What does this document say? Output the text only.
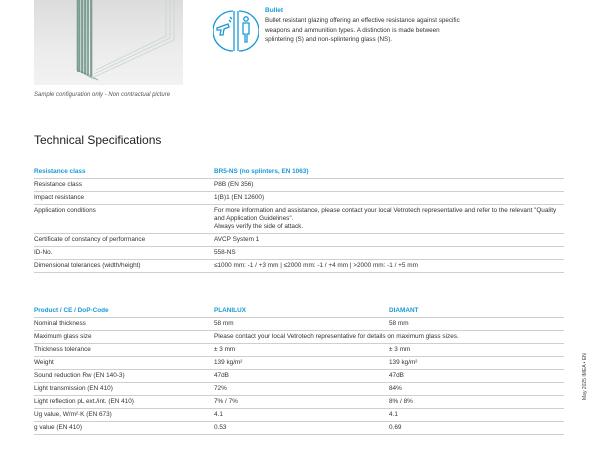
Sample configuration only - Non contractual picture
Bullet
Bullet resistant glazing offering an effective resistance against specific weapons and ammunition types. A distinction is made between splintering (S) and non-splintering glass (NS).
Technical Specifications
Resistance class	BR5-NS (no splinters, EN 1063)
Resistance class	P8B (EN 356)
Impact resistance	1(B)1 (EN 12600)
Application conditions	For more information and assistance, please contact your local Vetrotech representative and refer to the relevant "Quality and Application Guidelines".
Always verify the side of attack.
Certificate of constancy of performance	AVCP System 1
ID-No.	558-NS
Dimensional tolerances (width/height)	≤1000 mm: -1 / +3 mm | ≤2000 mm: -1 / +4 mm | >2000 mm: -1 / +5 mm
Product / CE / DoP-Code	PLANILUX	DIAMANT
Nominal thickness	58 mm	58 mm
Maximum glass size	Please contact your local Vetrotech representative for details on maximum glass sizes.	
Thickness tolerance	± 3 mm	± 3 mm
Weight	139 kg/m²	139 kg/m²
Sound reduction Rw (EN 140-3)	47dB	47dB
Light transmission (EN 410)	72%	84%
Light reflection pL ext./int. (EN 410)	7% / 7%	8% / 8%
Ug value, W/m²·K (EN 673)	4.1	4.1
g value (EN 410)	0.53	0.69
May 2025 IMEA • EN
